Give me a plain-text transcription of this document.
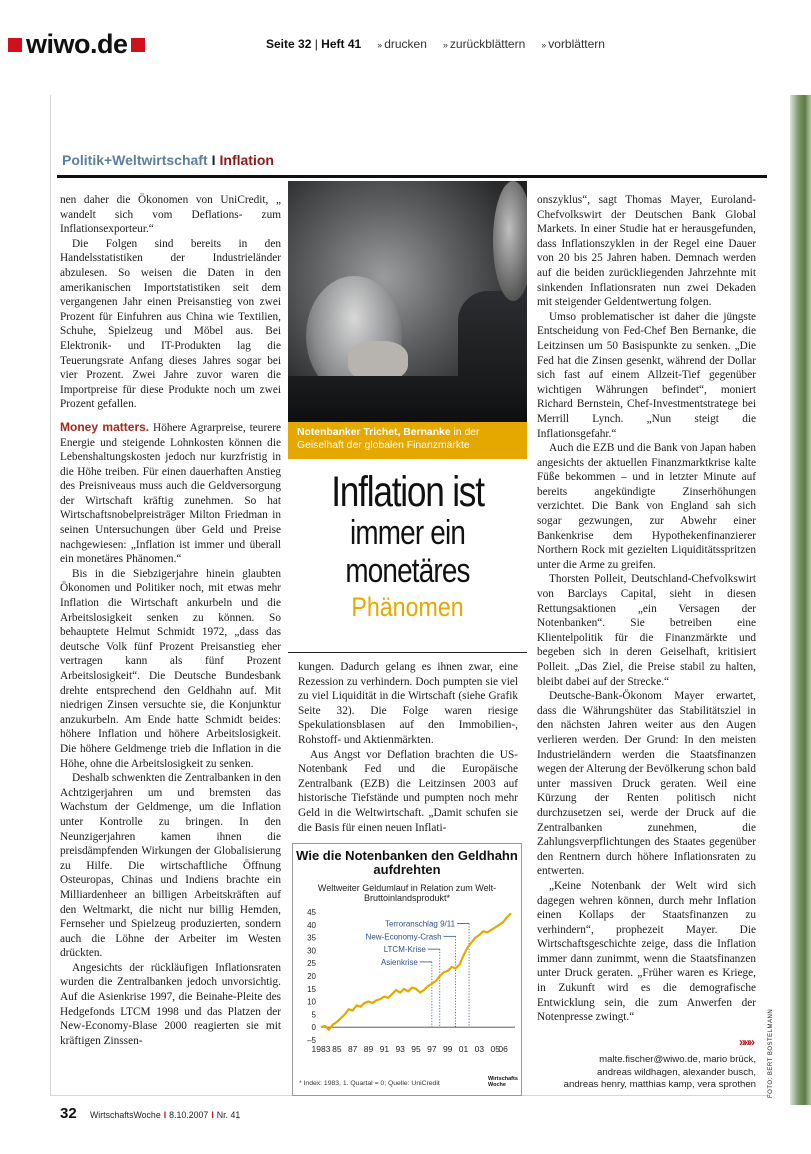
wiwo.de	Seite 32 | Heft 41 ›› drucken ›› zurückblättern ›› vorblättern
FOTO: BERT BOSTELMANN
Politik+Weltwirtschaft I Inflation

nen daher die Ökonomen von UniCredit, „ wandelt sich vom Deflations- zum Inflationsexporteur.“

Die Folgen sind bereits in den Handelsstatistiken der Industrieländer abzulesen. So weisen die Daten in den amerikanischen Importstatistiken seit dem vergangenen Jahr einen Preisanstieg von zwei Prozent für Einfuhren aus China wie Textilien, Schuhe, Spielzeug und Möbel aus. Bei Elektronik- und IT-Produkten lag die Teuerungsrate Anfang dieses Jahres sogar bei vier Prozent. Zwei Jahre zuvor waren die Importpreise für diese Produkte noch um zwei Prozent gefallen.

Money matters. Höhere Agrarpreise, teurere Energie und steigende Lohnkosten können die Lebenshaltungskosten jedoch nur kurzfristig in die Höhe treiben. Für einen dauerhaften Anstieg des Preisniveaus muss auch die Geldversorgung der Wirtschaft kräftig zunehmen. So hat Wirtschaftsnobelpreisträger Milton Friedman in seinen Untersuchungen über Geld und Preise nachgewiesen: „Inflation ist immer und überall ein monetäres Phänomen.“

Bis in die Siebzigerjahre hinein glaubten Ökonomen und Politiker noch, mit etwas mehr Inflation die Wirtschaft ankurbeln und die Arbeitslosigkeit senken zu können. So behauptete Helmut Schmidt 1972, „dass das deutsche Volk fünf Prozent Preisanstieg eher vertragen kann als fünf Prozent Arbeitslosigkeit“. Die Deutsche Bundesbank drehte entsprechend den Geldhahn auf. Mit niedrigen Zinsen versuchte sie, die Konjunktur anzukurbeln. Am Ende hatte Schmidt beides: höhere Inflation und höhere Arbeitslosigkeit. Die höhere Geldmenge trieb die Inflation in die Höhe, ohne die Arbeitslosigkeit zu senken.

Deshalb schwenkten die Zentralbanken in den Achtzigerjahren um und bremsten das Wachstum der Geldmenge, um die Inflation unter Kontrolle zu bringen. In den Neunzigerjahren kamen ihnen die preisdämpfenden Wirkungen der Globalisierung zu Hilfe. Die wirtschaftliche Öffnung Osteuropas, Chinas und Indiens brachte ein Milliardenheer an billigen Arbeitskräften auf den Weltmarkt, die nicht nur billig Hemden, Fernseher und Spielzeug produzierten, sondern auch die Löhne der Arbeiter im Westen drückten.

Angesichts der rückläufigen Inflationsraten wurden die Zentralbanken jedoch unvorsichtig. Auf die Asienkrise 1997, die Beinahe-Pleite des Hedgefonds LTCM 1998 und das Platzen der New-Economy-Blase 2000 reagierten sie mit kräftigen Zinssen-

Notenbanker Trichet, Bernanke in der Geiselhaft der globalen Finanzmärkte
Inflation ist
immer ein
monetäres
Phänomen

kungen. Dadurch gelang es ihnen zwar, eine Rezession zu verhindern. Doch pumpten sie viel zu viel Liquidität in die Wirtschaft (siehe Grafik Seite 32). Die Folge waren riesige Spekulationsblasen auf den Immobilien-, Rohstoff- und Aktienmärkten.

Aus Angst vor Deflation brachten die US-Notenbank Fed und die Europäische Zentralbank (EZB) die Leitzinsen 2003 auf historische Tiefstände und pumpten noch mehr Geld in die Weltwirtschaft. „Damit schufen sie die Basis für einen neuen Inflati-

Wie die Notenbanken den Geldhahn aufdrehten
Weltweiter Geldumlauf in Relation zum Welt-Bruttoinlandsprodukt*
–5
0
5
10
15
20
25
30
35
40
45
1983 85 87 89 91 93 95 97 99 01 03 05
06
Terroranschlag 9/11
New-Economy-Crash
LTCM-Krise
Asienkrise
* Index: 1983, 1. Quartal = 0; Quelle: UniCredit
Wirtschafts Woche

onszyklus“, sagt Thomas Mayer, Euroland-Chefvolkswirt der Deutschen Bank Global Markets. In einer Studie hat er herausgefunden, dass Inflationszyklen in der Regel eine Dauer von 20 bis 25 Jahren haben. Demnach werden auf die beiden zurückliegenden Jahrzehnte mit sinkenden Inflationsraten nun zwei Dekaden mit steigender Geldentwertung folgen.

Umso problematischer ist daher die jüngste Entscheidung von Fed-Chef Ben Bernanke, die Leitzinsen um 50 Basispunkte zu senken. „Die Fed hat die Zinsen gesenkt, während der Dollar sich fast auf einem Allzeit-Tief gegenüber wichtigen Währungen befindet“, moniert Richard Bernstein, Chef-Investmentstratege bei Merrill Lynch. „Nun steigt die Inflationsgefahr.“

Auch die EZB und die Bank von Japan haben angesichts der aktuellen Finanzmarktkrise kalte Füße bekommen – und in letzter Minute auf bereits angekündigte Zinserhöhungen verzichtet. Die Bank von England sah sich sogar gezwungen, zur Abwehr einer Bankenkrise dem Hypothekenfinanzierer Northern Rock mit gezielten Liquiditätsspritzen unter die Arme zu greifen.

Thorsten Polleit, Deutschland-Chefvolkswirt von Barclays Capital, sieht in diesen Rettungsaktionen „ein Versagen der Notenbanken“. Sie betreiben eine Klientelpolitik für die Finanzmärkte und begeben sich in deren Geiselhaft, kritisiert Polleit. „Das Ziel, die Preise stabil zu halten, bleibt dabei auf der Strecke.“

Deutsche-Bank-Ökonom Mayer erwartet, dass die Währungshüter das Stabilitätsziel in den nächsten Jahren weiter aus den Augen verlieren werden. Der Grund: In den meisten Industrieländern werden die Staatsfinanzen wegen der Alterung der Bevölkerung schon bald unter massiven Druck geraten. Weil eine Kürzung der Renten politisch nicht durchzusetzen sei, werde der Druck auf die Zentralbanken zunehmen, die Zahlungsverpflichtungen des Staates gegenüber den Rentnern durch höhere Inflationsraten zu entwerten.

„Keine Notenbank der Welt wird sich dagegen wehren können, durch mehr Inflation einen Kollaps der Staatsfinanzen zu verhindern“, prophezeit Mayer. Die Wirtschaftsgeschichte zeige, dass die Inflation immer dann zunimmt, wenn die Staatsfinanzen unter Druck geraten. „Früher waren es Kriege, in Zukunft wird es die demografische Entwicklung sein, die zum Anwerfen der Notenpresse zwingt.“

»»»
malte.fischer@wiwo.de, mario brück,
andreas wildhagen, alexander busch,
andreas henry, matthias kamp, vera sprothen
32 WirtschaftsWoche I 8.10.2007 I Nr. 41
